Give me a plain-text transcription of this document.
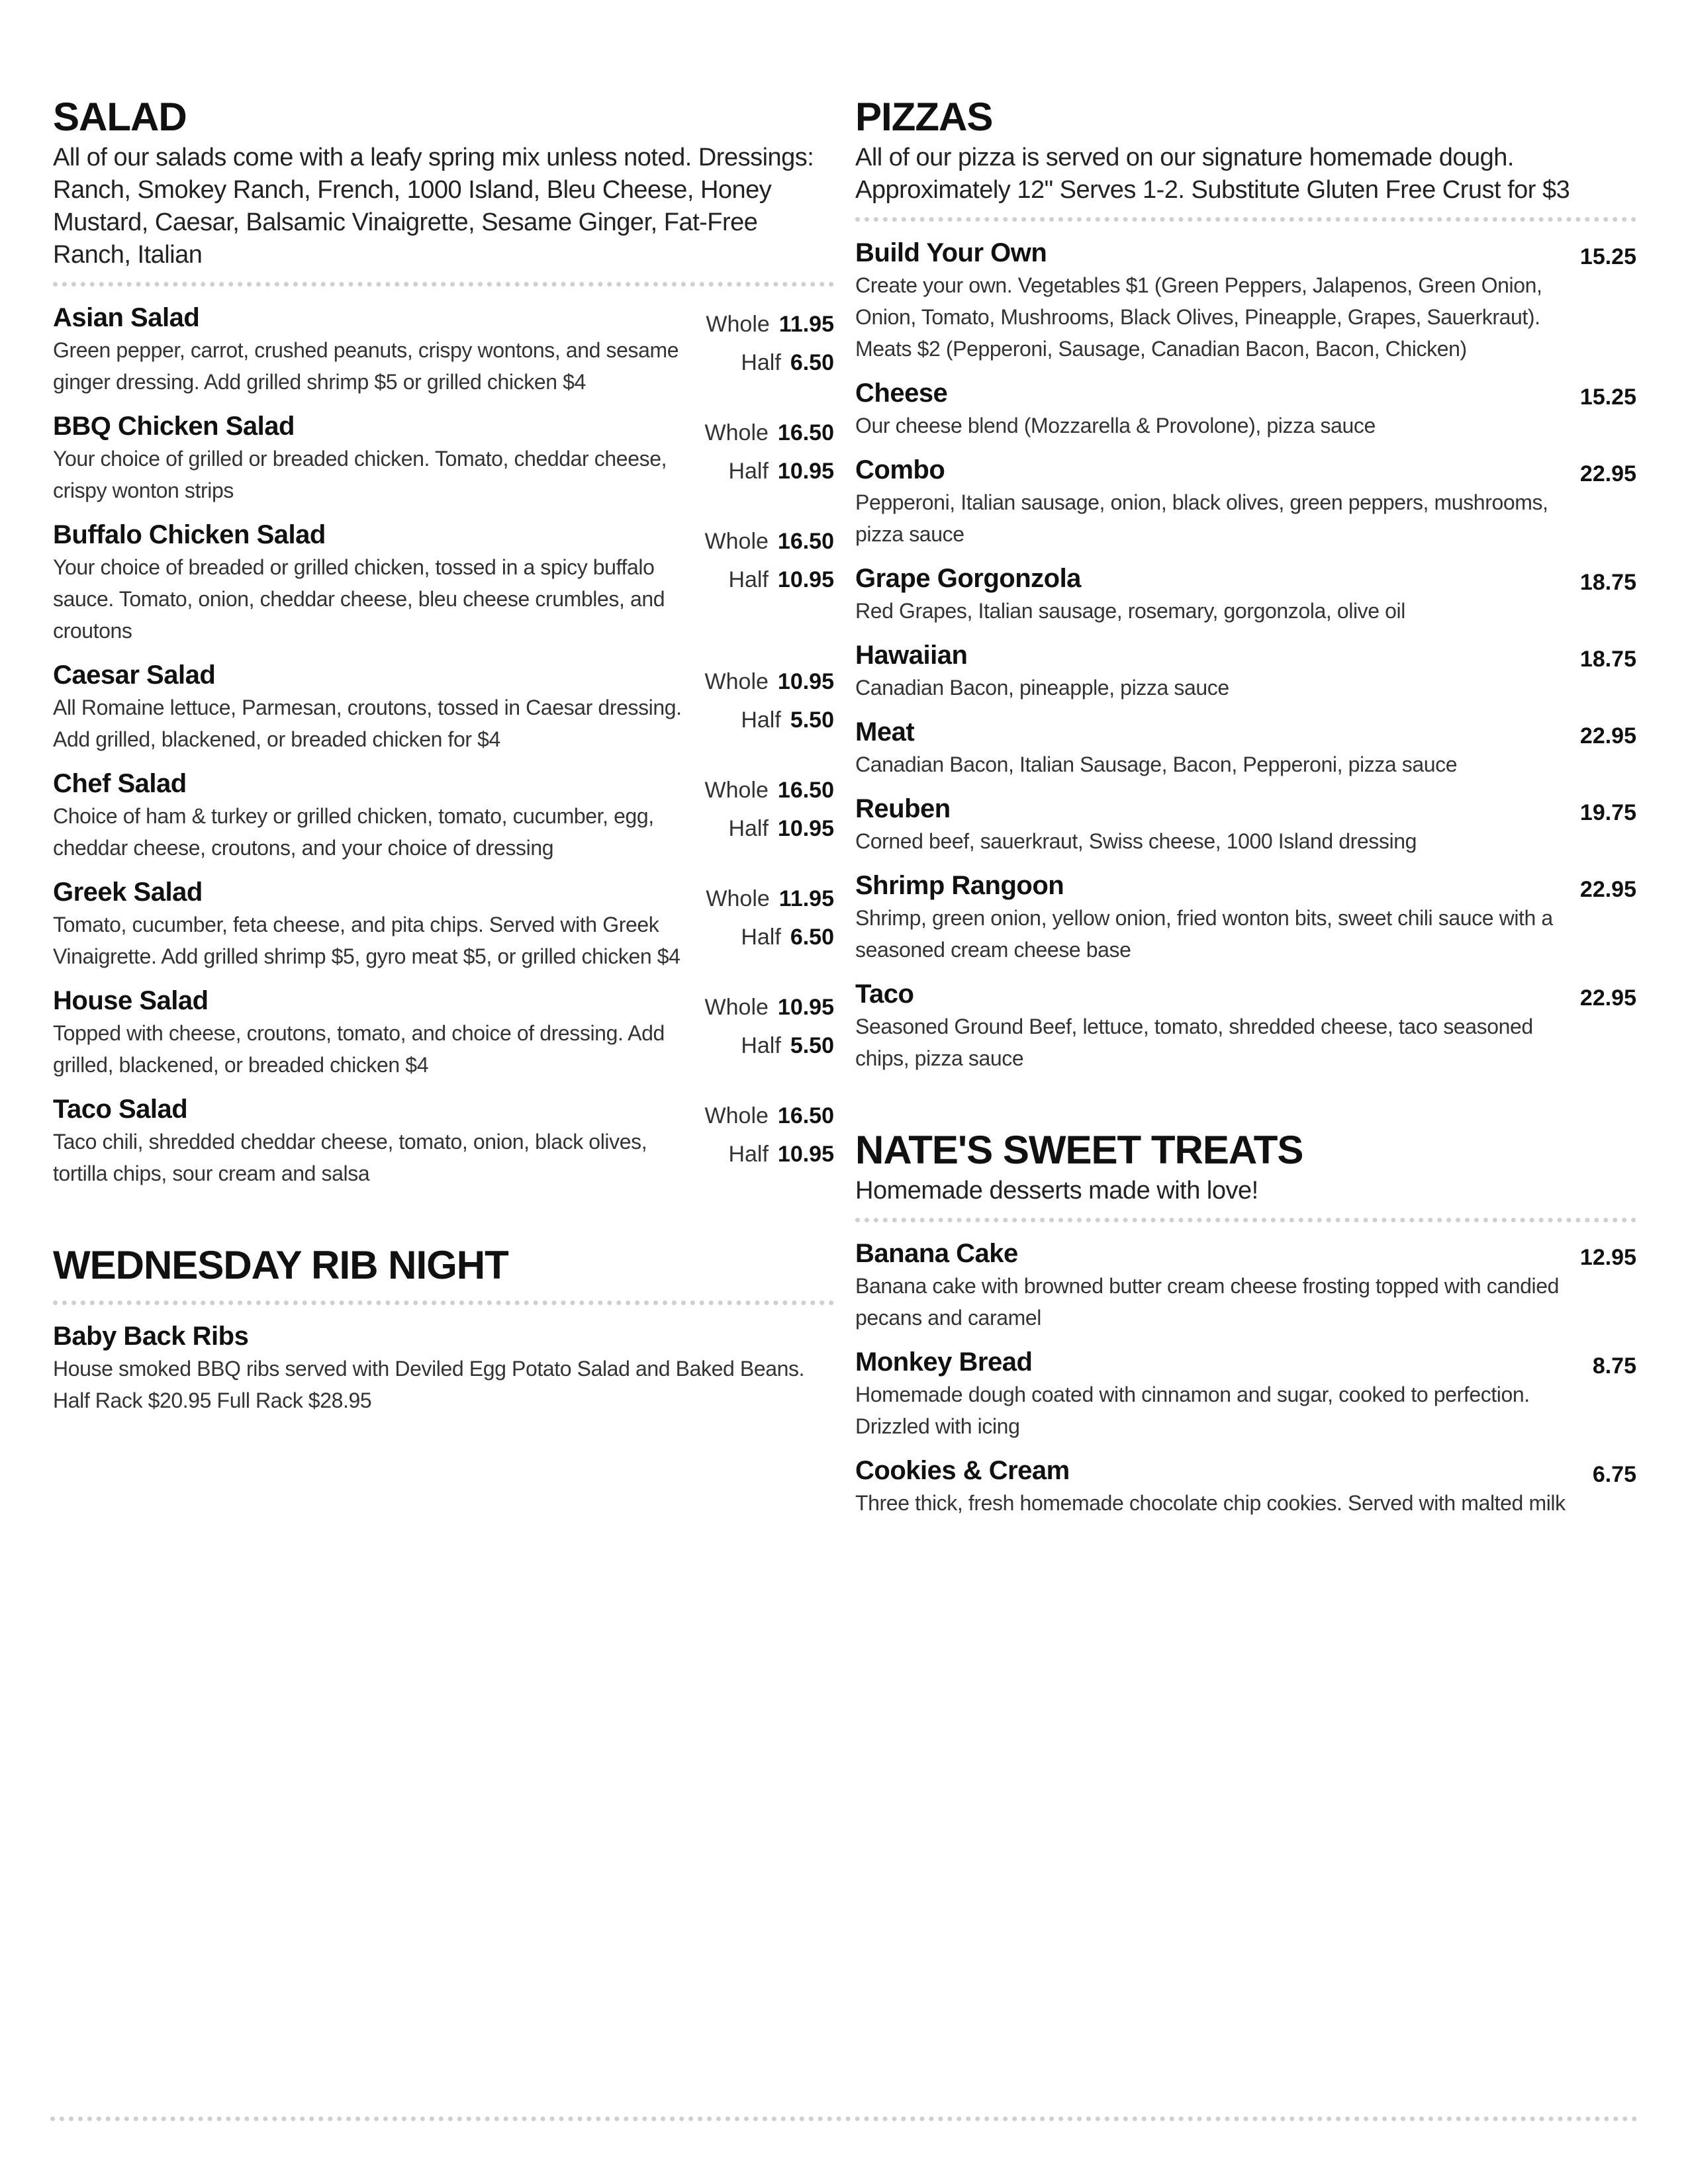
SALAD

All of our salads come with a leafy spring mix unless noted. Dressings: Ranch, Smokey Ranch, French, 1000 Island, Bleu Cheese, Honey Mustard, Caesar, Balsamic Vinaigrette, Sesame Ginger, Fat-Free Ranch, Italian

Asian Salad
Green pepper, carrot, crushed peanuts, crispy wontons, and sesame ginger dressing. Add grilled shrimp $5 or grilled chicken $4
Whole 11.95
Half 6.50
BBQ Chicken Salad
Your choice of grilled or breaded chicken. Tomato, cheddar cheese, crispy wonton strips
Whole 16.50
Half 10.95
Buffalo Chicken Salad
Your choice of breaded or grilled chicken, tossed in a spicy buffalo sauce. Tomato, onion, cheddar cheese, bleu cheese crumbles, and croutons
Whole 16.50
Half 10.95
Caesar Salad
All Romaine lettuce, Parmesan, croutons, tossed in Caesar dressing. Add grilled, blackened, or breaded chicken for $4
Whole 10.95
Half 5.50
Chef Salad
Choice of ham & turkey or grilled chicken, tomato, cucumber, egg, cheddar cheese, croutons, and your choice of dressing
Whole 16.50
Half 10.95
Greek Salad
Tomato, cucumber, feta cheese, and pita chips. Served with Greek Vinaigrette. Add grilled shrimp $5, gyro meat $5, or grilled chicken $4
Whole 11.95
Half 6.50
House Salad
Topped with cheese, croutons, tomato, and choice of dressing. Add grilled, blackened, or breaded chicken $4
Whole 10.95
Half 5.50
Taco Salad
Taco chili, shredded cheddar cheese, tomato, onion, black olives, tortilla chips, sour cream and salsa
Whole 16.50
Half 10.95
WEDNESDAY RIB NIGHT
Baby Back Ribs
House smoked BBQ ribs served with Deviled Egg Potato Salad and Baked Beans. Half Rack $20.95 Full Rack $28.95
PIZZAS

All of our pizza is served on our signature homemade dough. Approximately 12" Serves 1-2. Substitute Gluten Free Crust for $3

Build Your Own
Create your own. Vegetables $1 (Green Peppers, Jalapenos, Green Onion, Onion, Tomato, Mushrooms, Black Olives, Pineapple, Grapes, Sauerkraut). Meats $2 (Pepperoni, Sausage, Canadian Bacon, Bacon, Chicken)
15.25
Cheese
Our cheese blend (Mozzarella & Provolone), pizza sauce
15.25
Combo
Pepperoni, Italian sausage, onion, black olives, green peppers, mushrooms, pizza sauce
22.95
Grape Gorgonzola
Red Grapes, Italian sausage, rosemary, gorgonzola, olive oil
18.75
Hawaiian
Canadian Bacon, pineapple, pizza sauce
18.75
Meat
Canadian Bacon, Italian Sausage, Bacon, Pepperoni, pizza sauce
22.95
Reuben
Corned beef, sauerkraut, Swiss cheese, 1000 Island dressing
19.75
Shrimp Rangoon
Shrimp, green onion, yellow onion, fried wonton bits, sweet chili sauce with a seasoned cream cheese base
22.95
Taco
Seasoned Ground Beef, lettuce, tomato, shredded cheese, taco seasoned chips, pizza sauce
22.95
NATE'S SWEET TREATS

Homemade desserts made with love!

Banana Cake
Banana cake with browned butter cream cheese frosting topped with candied pecans and caramel
12.95
Monkey Bread
Homemade dough coated with cinnamon and sugar, cooked to perfection. Drizzled with icing
8.75
Cookies & Cream
Three thick, fresh homemade chocolate chip cookies. Served with malted milk
6.75
